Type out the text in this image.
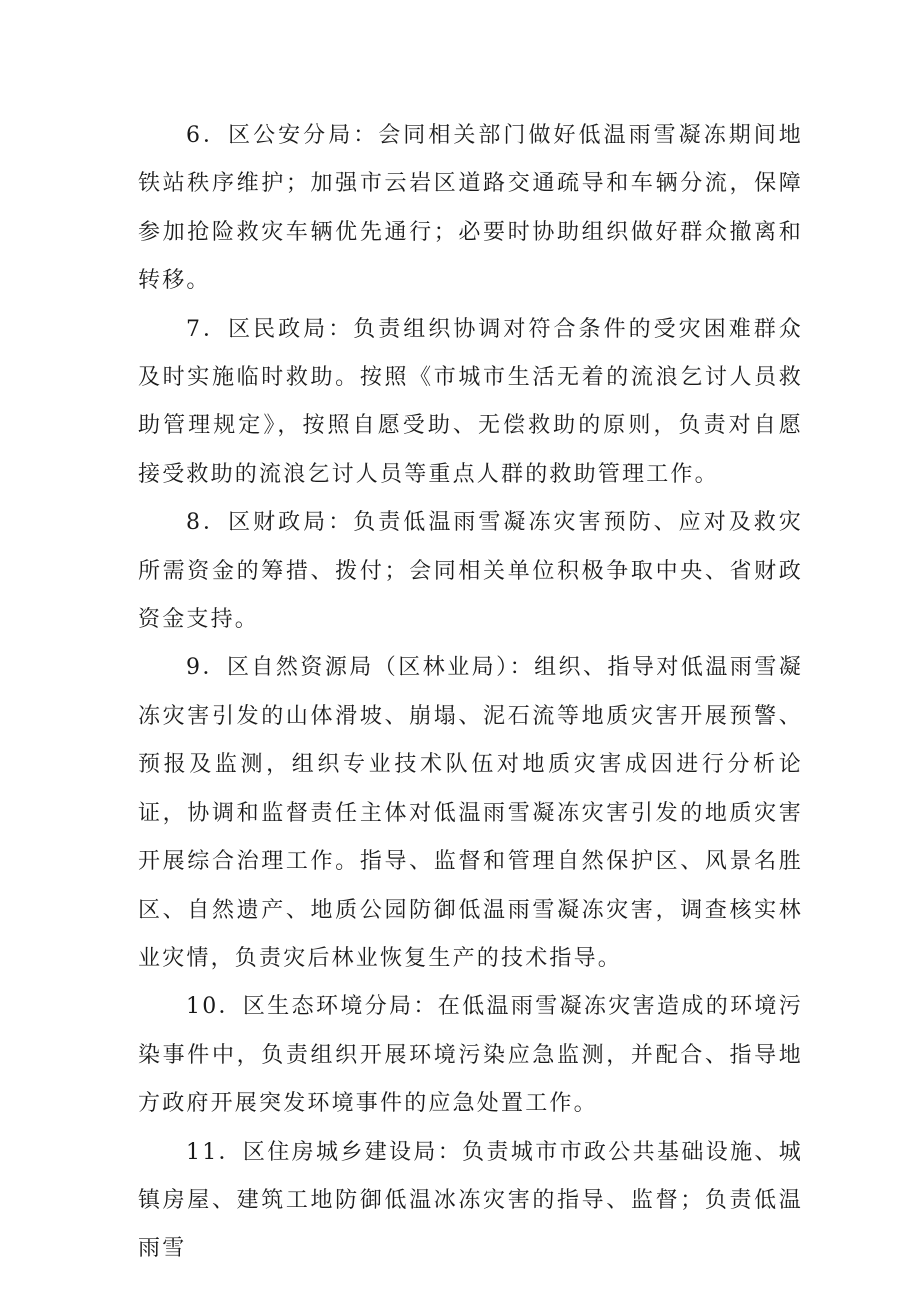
6．区公安分局：会同相关部门做好低温雨雪凝冻期间地铁站秩序维护；加强市云岩区道路交通疏导和车辆分流，保障参加抢险救灾车辆优先通行；必要时协助组织做好群众撤离和转移。

7．区民政局：负责组织协调对符合条件的受灾困难群众及时实施临时救助。按照《市城市生活无着的流浪乞讨人员救助管理规定》，按照自愿受助、无偿救助的原则，负责对自愿接受救助的流浪乞讨人员等重点人群的救助管理工作。

8．区财政局：负责低温雨雪凝冻灾害预防、应对及救灾所需资金的筹措、拨付；会同相关单位积极争取中央、省财政资金支持。

9．区自然资源局（区林业局）：组织、指导对低温雨雪凝冻灾害引发的山体滑坡、崩塌、泥石流等地质灾害开展预警、预报及监测，组织专业技术队伍对地质灾害成因进行分析论证，协调和监督责任主体对低温雨雪凝冻灾害引发的地质灾害开展综合治理工作。指导、监督和管理自然保护区、风景名胜区、自然遗产、地质公园防御低温雨雪凝冻灾害，调查核实林业灾情，负责灾后林业恢复生产的技术指导。

10．区生态环境分局：在低温雨雪凝冻灾害造成的环境污染事件中，负责组织开展环境污染应急监测，并配合、指导地方政府开展突发环境事件的应急处置工作。

11．区住房城乡建设局：负责城市市政公共基础设施、城镇房屋、建筑工地防御低温冰冻灾害的指导、监督；负责低温雨雪
